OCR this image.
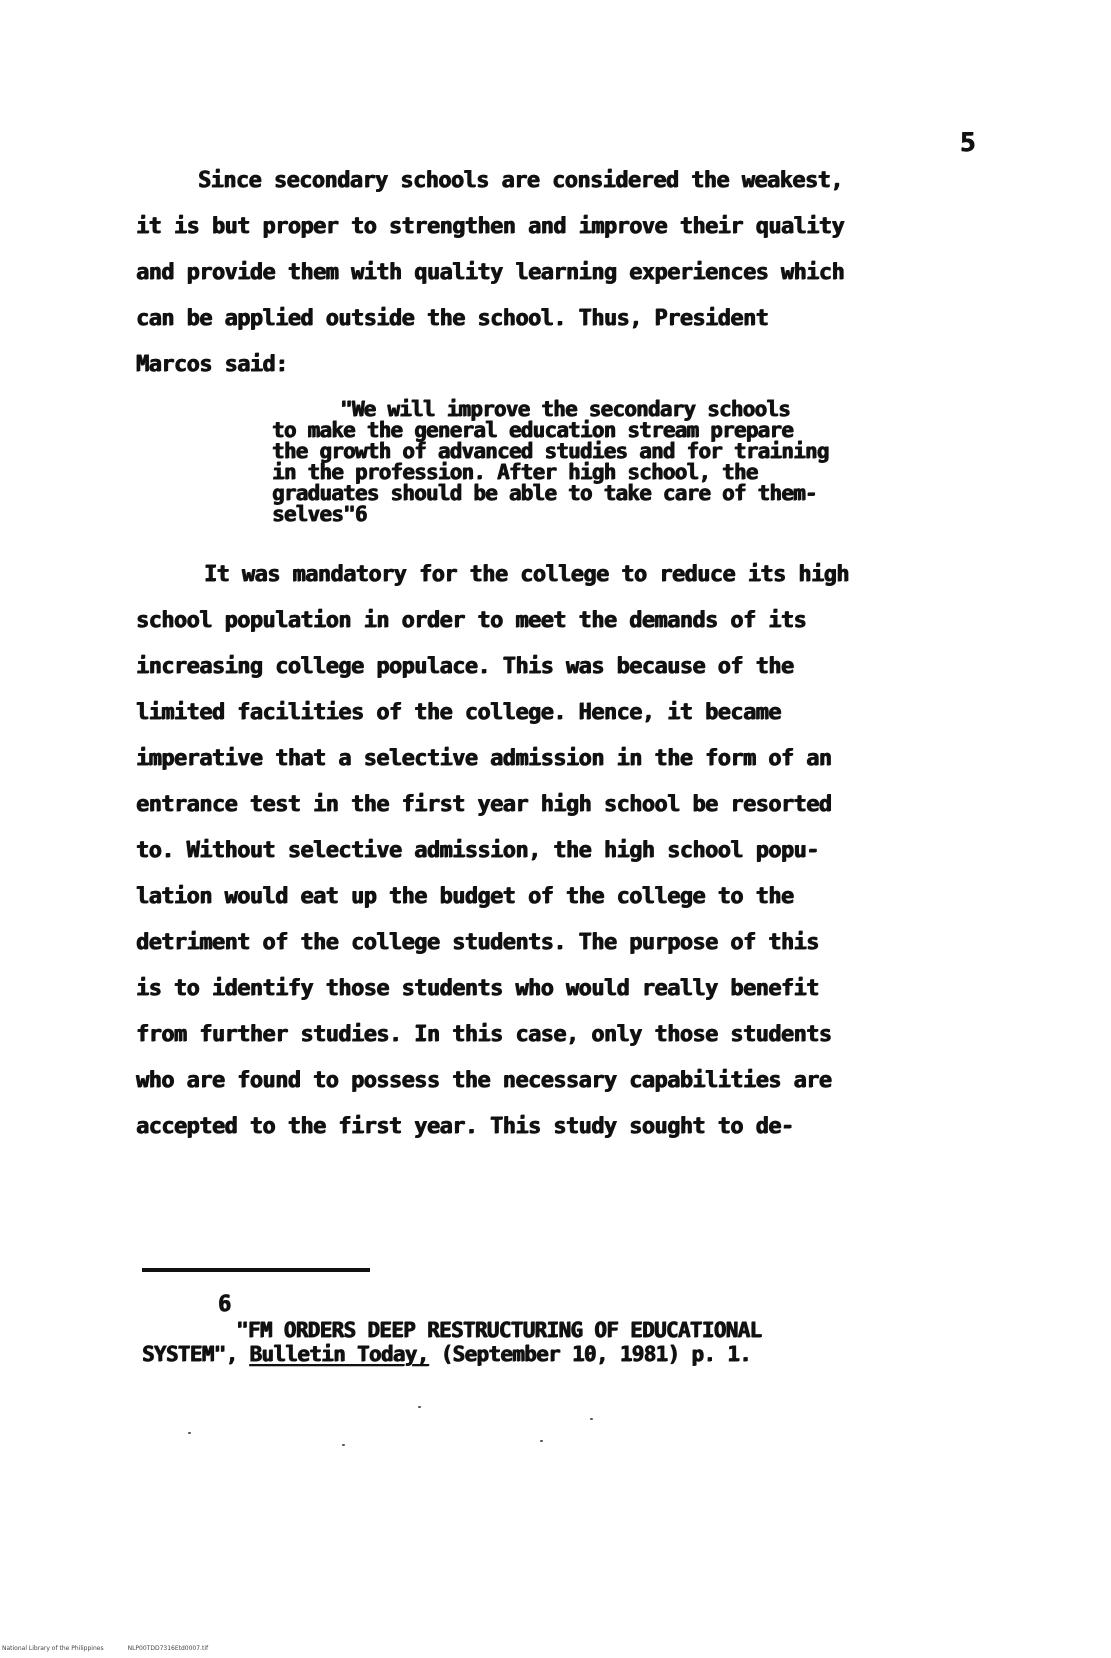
5
Since secondary schools are considered the weakest,
it is but proper to strengthen and improve their quality
and provide them with quality learning experiences which
can be applied outside the school. Thus, President
Marcos said:
"We will improve the secondary schools
to make the general education stream prepare
the growth of advanced studies and for training
in the profession. After high school, the
graduates should be able to take care of them-
selves"6
It was mandatory for the college to reduce its high
school population in order to meet the demands of its
increasing college populace. This was because of the
limited facilities of the college. Hence, it became
imperative that a selective admission in the form of an
entrance test in the first year high school be resorted
to. Without selective admission, the high school popu-
lation would eat up the budget of the college to the
detriment of the college students. The purpose of this
is to identify those students who would really benefit
from further studies. In this case, only those students
who are found to possess the necessary capabilities are
accepted to the first year. This study sought to de-
6
"FM ORDERS DEEP RESTRUCTURING OF EDUCATIONAL
SYSTEM", Bulletin Today, (September 10, 1981) p. 1.
National Library of the Philippines	NLP00TDD7316Etd0007.tif
